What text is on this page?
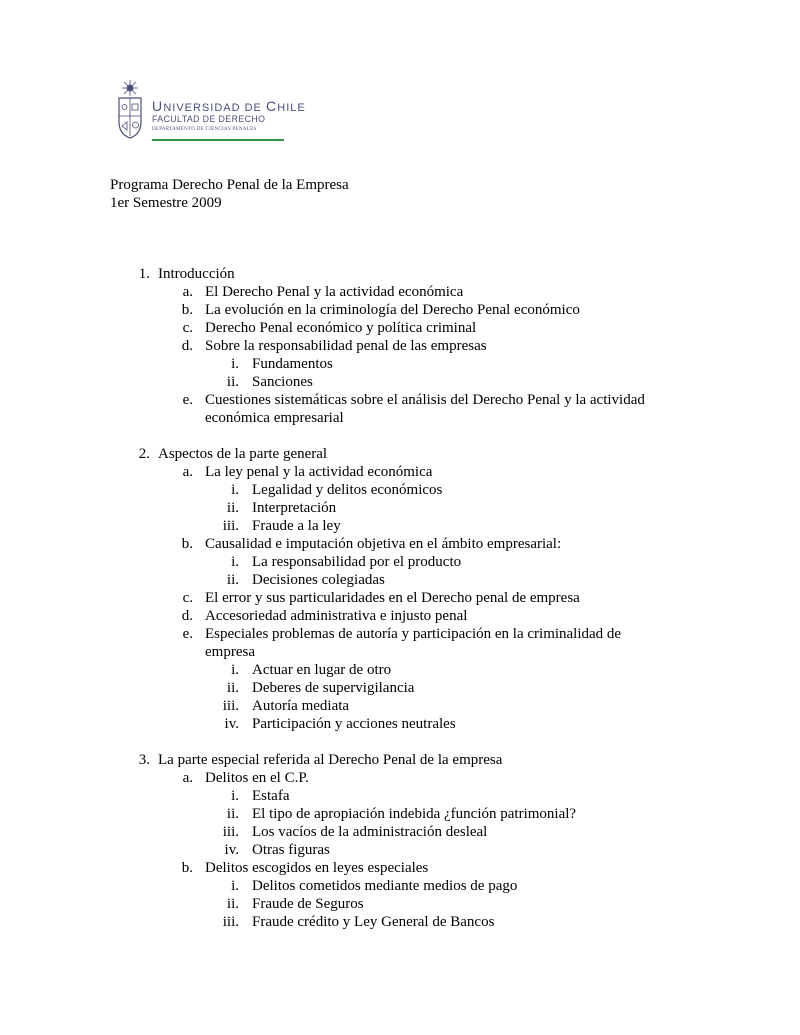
UNIVERSIDAD DE CHILE
FACULTAD DE DERECHO
DEPARTAMENTO DE CIENCIAS PENALES
Programa Derecho Penal de la Empresa
1er Semestre 2009
1. Introducción
a. El Derecho Penal y la actividad económica
b. La evolución en la criminología del Derecho Penal económico
c. Derecho Penal económico y política criminal
d. Sobre la responsabilidad penal de las empresas
i. Fundamentos
ii. Sanciones
e. Cuestiones sistemáticas sobre el análisis del Derecho Penal y la actividad
económica empresarial
2. Aspectos de la parte general
a. La ley penal y la actividad económica
i. Legalidad y delitos económicos
ii. Interpretación
iii. Fraude a la ley
b. Causalidad e imputación objetiva en el ámbito empresarial:
i. La responsabilidad por el producto
ii. Decisiones colegiadas
c. El error y sus particularidades en el Derecho penal de empresa
d. Accesoriedad administrativa e injusto penal
e. Especiales problemas de autoría y participación en la criminalidad de
empresa
i. Actuar en lugar de otro
ii. Deberes de supervigilancia
iii. Autoría mediata
iv. Participación y acciones neutrales
3. La parte especial referida al Derecho Penal de la empresa
a. Delitos en el C.P.
i. Estafa
ii. El tipo de apropiación indebida ¿función patrimonial?
iii. Los vacíos de la administración desleal
iv. Otras figuras
b. Delitos escogidos en leyes especiales
i. Delitos cometidos mediante medios de pago
ii. Fraude de Seguros
iii. Fraude crédito y Ley General de Bancos
